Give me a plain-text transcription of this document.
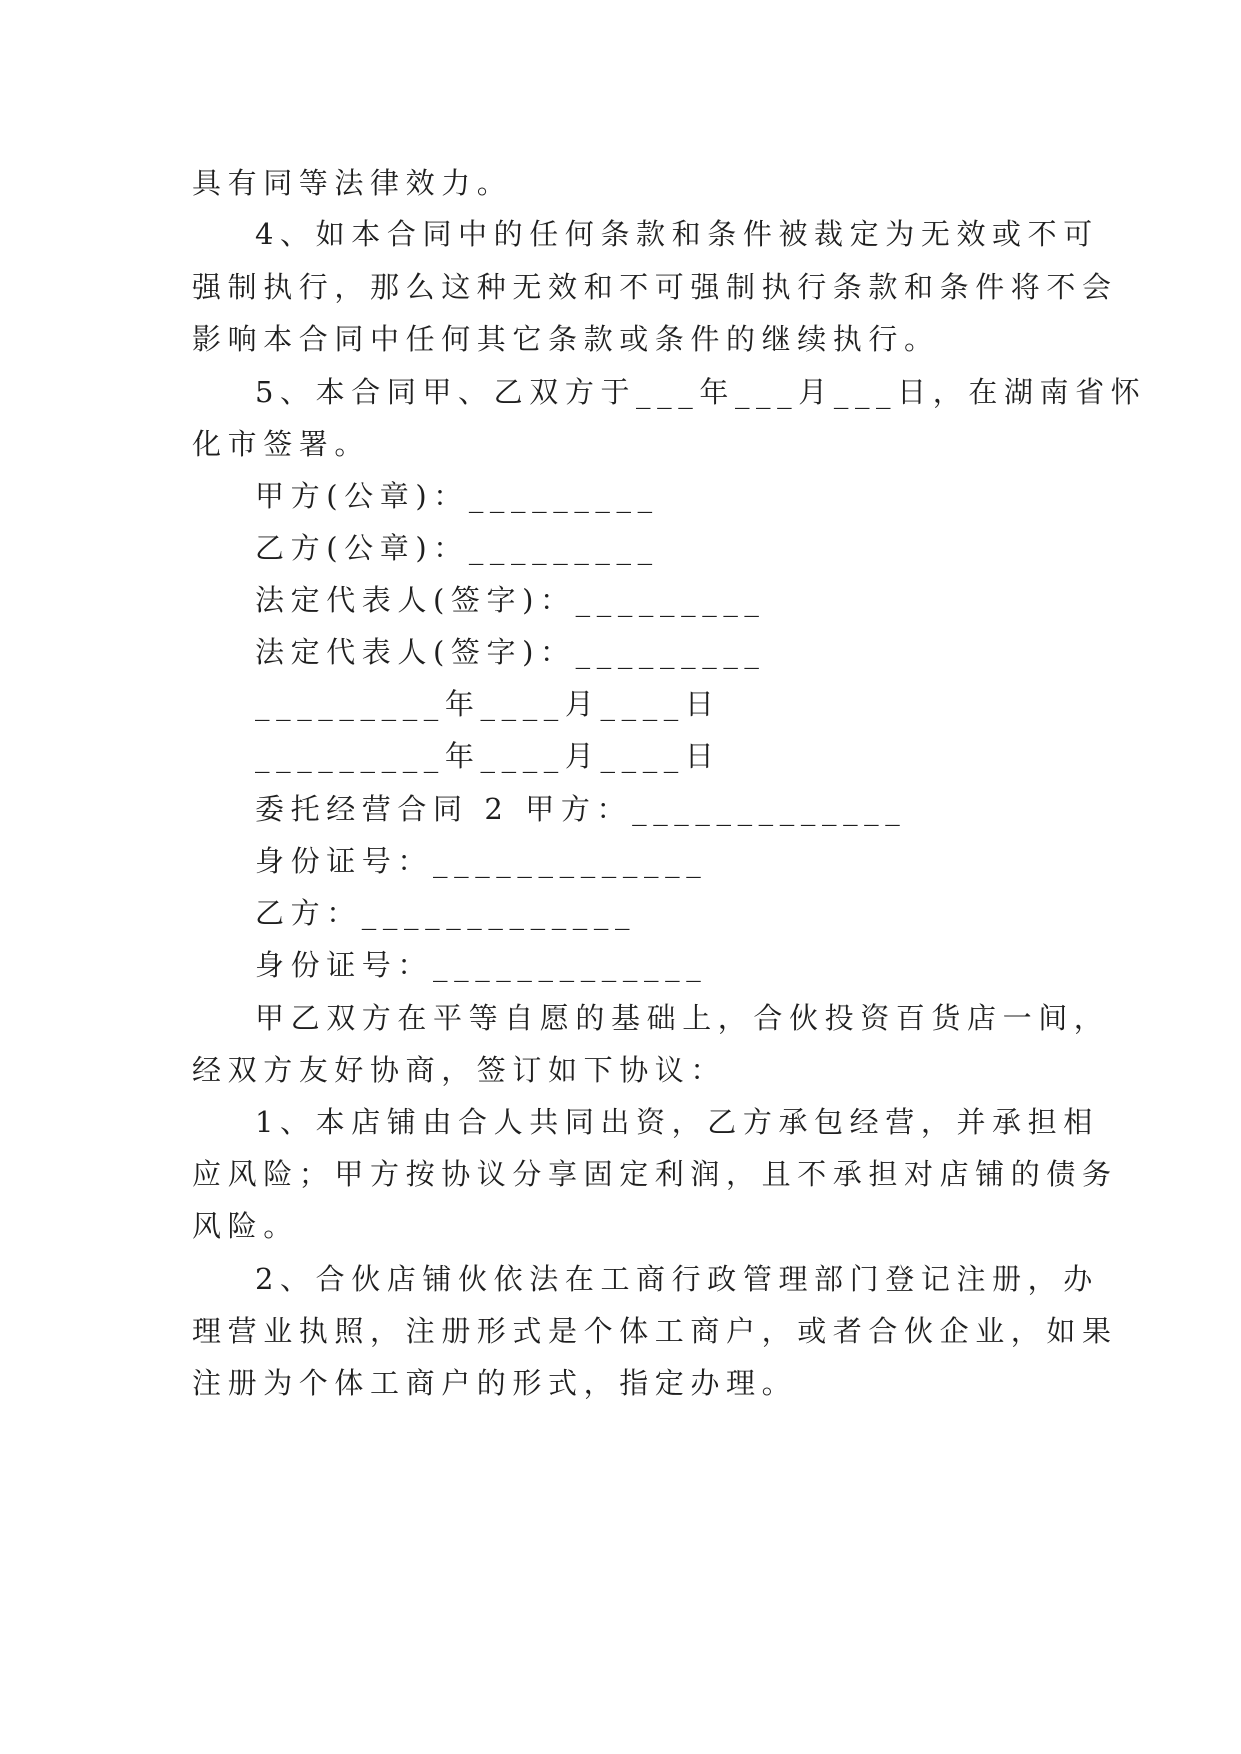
具有同等法律效力。
4、如本合同中的任何条款和条件被裁定为无效或不可
强制执行，那么这种无效和不可强制执行条款和条件将不会
影响本合同中任何其它条款或条件的继续执行。
5、本合同甲、乙双方于___年___月___日，在湖南省怀
化市签署。
甲方(公章)：_________
乙方(公章)：_________
法定代表人(签字)：_________
法定代表人(签字)：_________
_________年____月____日
_________年____月____日
委托经营合同 2 甲方：_____________
身份证号：_____________
乙方：_____________
身份证号：_____________
甲乙双方在平等自愿的基础上，合伙投资百货店一间，
经双方友好协商，签订如下协议：
1、本店铺由合人共同出资，乙方承包经营，并承担相
应风险；甲方按协议分享固定利润，且不承担对店铺的债务
风险。
2、合伙店铺伙依法在工商行政管理部门登记注册，办
理营业执照，注册形式是个体工商户，或者合伙企业，如果
注册为个体工商户的形式，指定办理。
